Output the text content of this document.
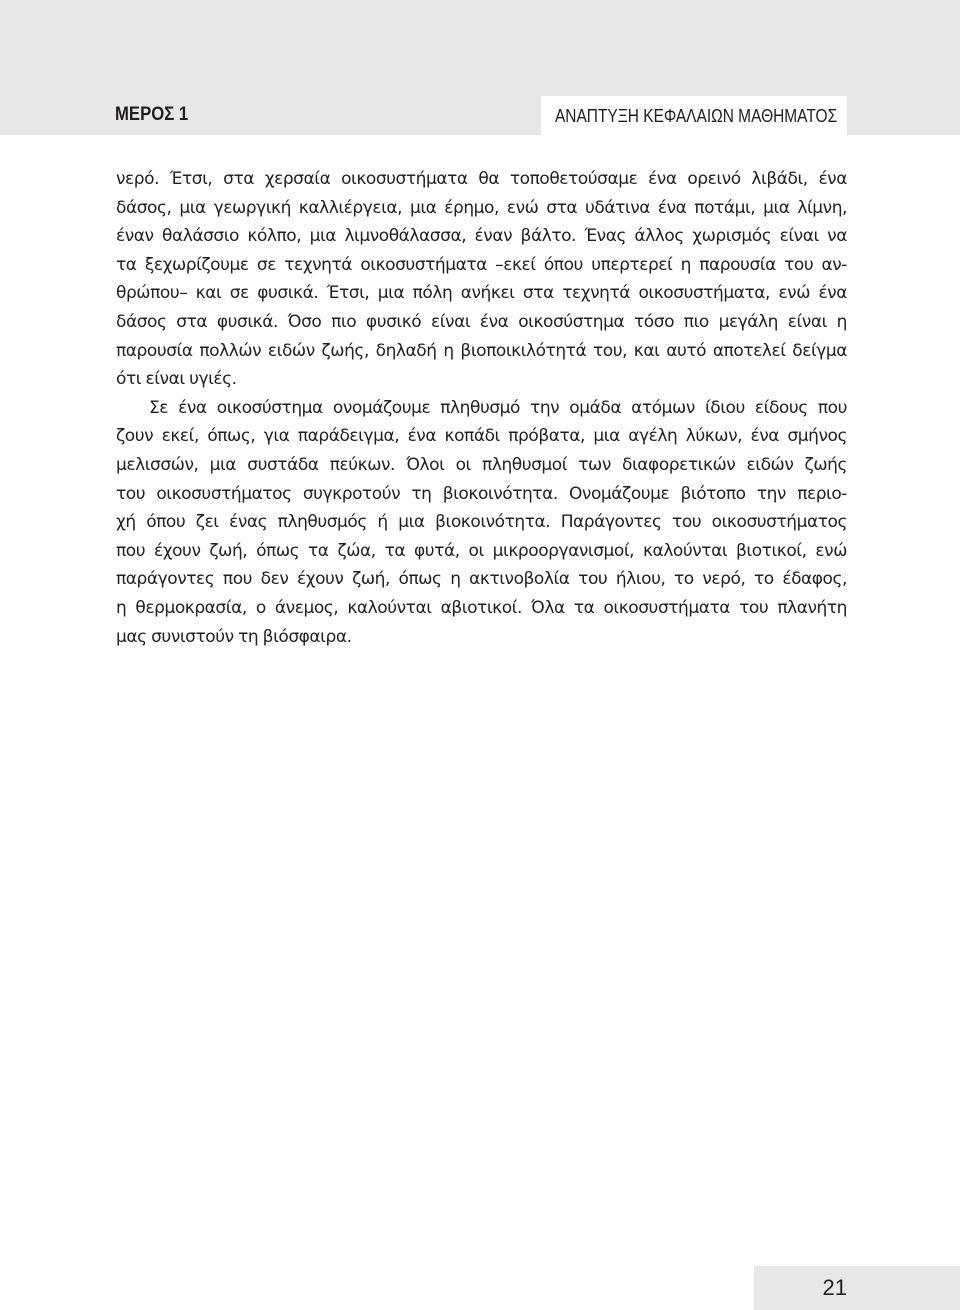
ΜΕΡΟΣ 1	ΑΝΑΠΤΥΞΗ ΚΕΦΑΛΑΙΩΝ ΜΑΘΗΜΑΤΟΣ
νερό. Έτσι, στα χερσαία οικοσυστήματα θα τοποθετούσαμε ένα ορεινό λιβάδι, ένα
δάσος, μια γεωργική καλλιέργεια, μια έρημο, ενώ στα υδάτινα ένα ποτάμι, μια λίμνη,
έναν θαλάσσιο κόλπο, μια λιμνοθάλασσα, έναν βάλτο. Ένας άλλος χωρισμός είναι να
τα ξεχωρίζουμε σε τεχνητά οικοσυστήματα –εκεί όπου υπερτερεί η παρουσία του αν-
θρώπου– και σε φυσικά. Έτσι, μια πόλη ανήκει στα τεχνητά οικοσυστήματα, ενώ ένα
δάσος στα φυσικά. Όσο πιο φυσικό είναι ένα οικοσύστημα τόσο πιο μεγάλη είναι η
παρουσία πολλών ειδών ζωής, δηλαδή η βιοποικιλότητά του, και αυτό αποτελεί δείγμα
ότι είναι υγιές.
Σε ένα οικοσύστημα ονομάζουμε πληθυσμό την ομάδα ατόμων ίδιου είδους που
ζουν εκεί, όπως, για παράδειγμα, ένα κοπάδι πρόβατα, μια αγέλη λύκων, ένα σμήνος
μελισσών, μια συστάδα πεύκων. Όλοι οι πληθυσμοί των διαφορετικών ειδών ζωής
του οικοσυστήματος συγκροτούν τη βιοκοινότητα. Ονομάζουμε βιότοπο την περιο-
χή όπου ζει ένας πληθυσμός ή μια βιοκοινότητα. Παράγοντες του οικοσυστήματος
που έχουν ζωή, όπως τα ζώα, τα φυτά, οι μικροοργανισμοί, καλούνται βιοτικοί, ενώ
παράγοντες που δεν έχουν ζωή, όπως η ακτινοβολία του ήλιου, το νερό, το έδαφος,
η θερμοκρασία, ο άνεμος, καλούνται αβιοτικοί. Όλα τα οικοσυστήματα του πλανήτη
μας συνιστούν τη βιόσφαιρα.
21
